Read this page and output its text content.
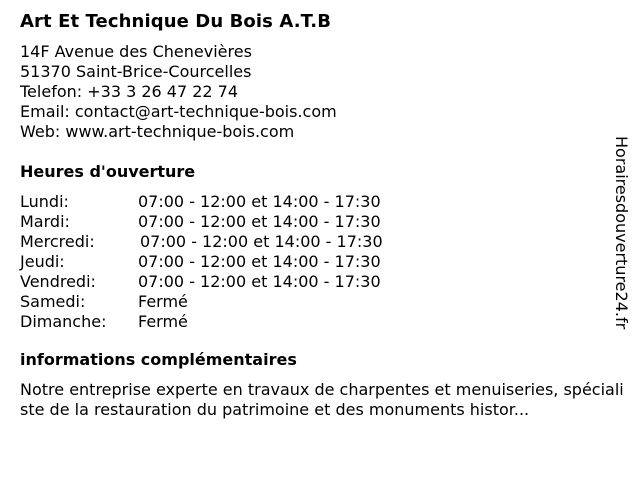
Art Et Technique Du Bois A.T.B
14F Avenue des Chenevières
51370 Saint-Brice-Courcelles
Telefon: +33 3 26 47 22 74
Email: contact@art-technique-bois.com
Web: www.art-technique-bois.com
Heures d'ouverture
Lundi:	07:00 - 12:00 et 14:00 - 17:30
Mardi:	07:00 - 12:00 et 14:00 - 17:30
Mercredi:	07:00 - 12:00 et 14:00 - 17:30
Jeudi:	07:00 - 12:00 et 14:00 - 17:30
Vendredi:	07:00 - 12:00 et 14:00 - 17:30
Samedi:	Fermé
Dimanche: Fermé
informations complémentaires
Notre entreprise experte en travaux de charpentes et menuiseries, spécialiste de la restauration du patrimoine et des monuments histor...
Horairesdouverture24.fr
